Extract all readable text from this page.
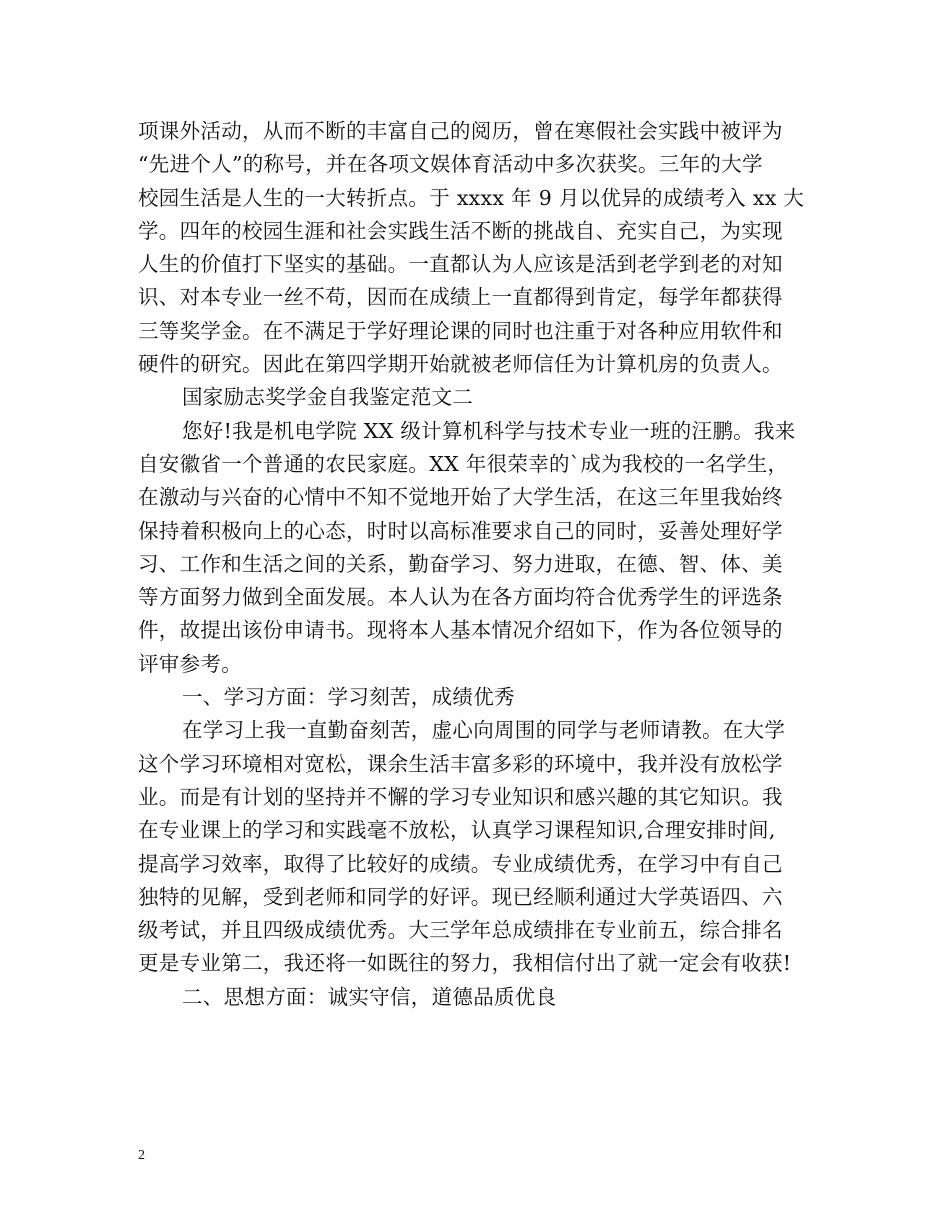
项课外活动，从而不断的丰富自己的阅历，曾在寒假社会实践中被评为
“先进个人”的称号，并在各项文娱体育活动中多次获奖。三年的大学
校园生活是人生的一大转折点。于 xxxx 年 9 月以优异的成绩考入 xx 大
学。四年的校园生涯和社会实践生活不断的挑战自、充实自己，为实现
人生的价值打下坚实的基础。一直都认为人应该是活到老学到老的对知
识、对本专业一丝不苟，因而在成绩上一直都得到肯定，每学年都获得
三等奖学金。在不满足于学好理论课的同时也注重于对各种应用软件和
硬件的研究。因此在第四学期开始就被老师信任为计算机房的负责人。
国家励志奖学金自我鉴定范文二
您好!我是机电学院 XX 级计算机科学与技术专业一班的汪鹏。我来
自安徽省一个普通的农民家庭。XX 年很荣幸的`成为我校的一名学生，
在激动与兴奋的心情中不知不觉地开始了大学生活，在这三年里我始终
保持着积极向上的心态，时时以高标准要求自己的同时，妥善处理好学
习、工作和生活之间的关系，勤奋学习、努力进取，在德、智、体、美
等方面努力做到全面发展。本人认为在各方面均符合优秀学生的评选条
件，故提出该份申请书。现将本人基本情况介绍如下，作为各位领导的
评审参考。
一、学习方面：学习刻苦，成绩优秀
在学习上我一直勤奋刻苦，虚心向周围的同学与老师请教。在大学
这个学习环境相对宽松，课余生活丰富多彩的环境中，我并没有放松学
业。而是有计划的坚持并不懈的学习专业知识和感兴趣的其它知识。我
在专业课上的学习和实践毫不放松，认真学习课程知识,合理安排时间,
提高学习效率，取得了比较好的成绩。专业成绩优秀，在学习中有自己
独特的见解，受到老师和同学的好评。现已经顺利通过大学英语四、六
级考试，并且四级成绩优秀。大三学年总成绩排在专业前五，综合排名
更是专业第二，我还将一如既往的努力，我相信付出了就一定会有收获!
二、思想方面：诚实守信，道德品质优良
2
